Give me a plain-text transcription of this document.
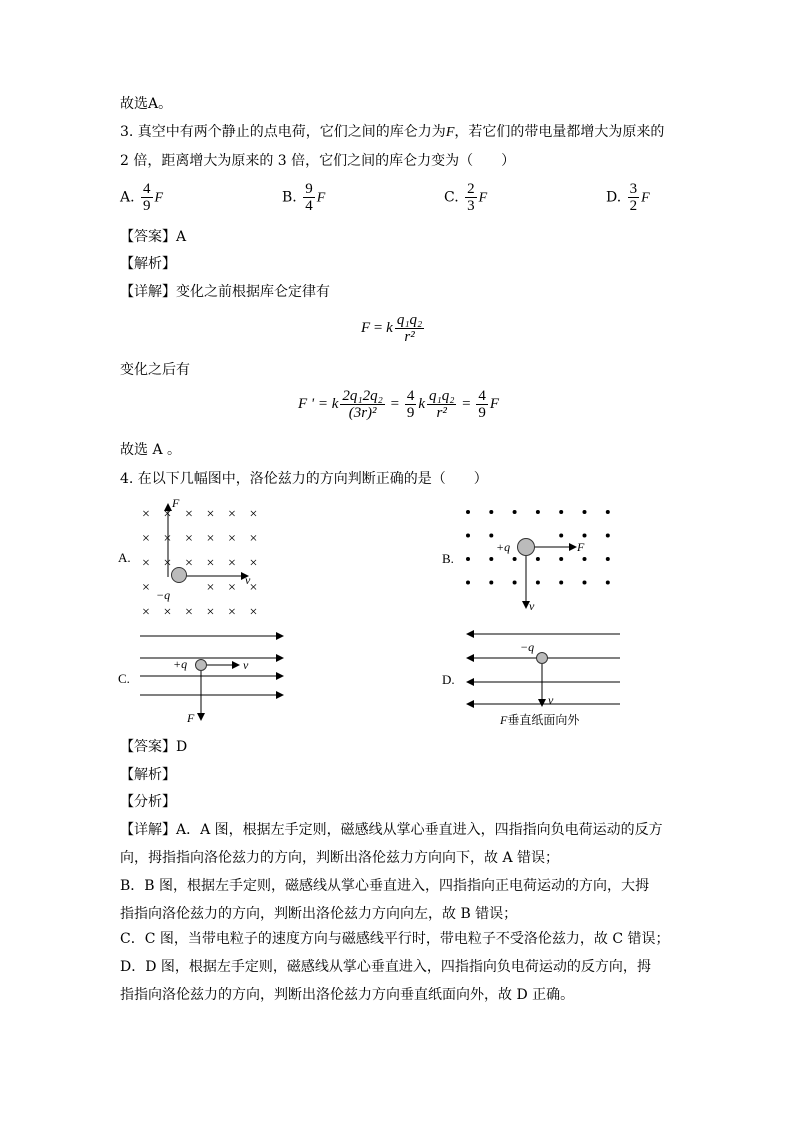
故选A。
3. 真空中有两个静止的点电荷，它们之间的库仑力为F，若它们的带电量都增大为原来的
2 倍，距离增大为原来的 3 倍，它们之间的库仑力变为（　　）
A. $\frac{4}{9}$ F	B. $\frac{9}{4}$ F	C. $\frac{2}{3}$ F	D. $\frac{3}{2}$ F
【答案】A
【解析】
【详解】变化之前根据库仑定律有
F = k $\frac{\text{q₁q₂}}{\text{r²}}$
变化之后有
F ' = k $\frac{\text{2q₁2q₂}}{\text{(3r)²}} = \frac{4}{9}$ k $\frac{\text{q₁q₂}}{\text{r²}} = \frac{4}{9}$ F
故选 A 。
4. 在以下几幅图中，洛伦兹力的方向判断正确的是（　　）
A.
× × × × × ×
× × × × × ×
× × × × × ×
×	× × ×
× × × × × ×
F
v
−q
B.
F
v
+q
C.
v
F
+q
D.
v
−q
F垂直纸面向外
【答案】D
【解析】
【分析】
【详解】A．A 图，根据左手定则，磁感线从掌心垂直进入，四指指向负电荷运动的反方
向，拇指指向洛伦兹力的方向，判断出洛伦兹力方向向下，故 A 错误；
B．B 图，根据左手定则，磁感线从掌心垂直进入，四指指向正电荷运动的方向，大拇
指指向洛伦兹力的方向，判断出洛伦兹力方向向左，故 B 错误；
C．C 图，当带电粒子的速度方向与磁感线平行时，带电粒子不受洛伦兹力，故 C 错误；
D．D 图，根据左手定则，磁感线从掌心垂直进入，四指指向负电荷运动的反方向，拇
指指向洛伦兹力的方向，判断出洛伦兹力方向垂直纸面向外，故 D 正确。
